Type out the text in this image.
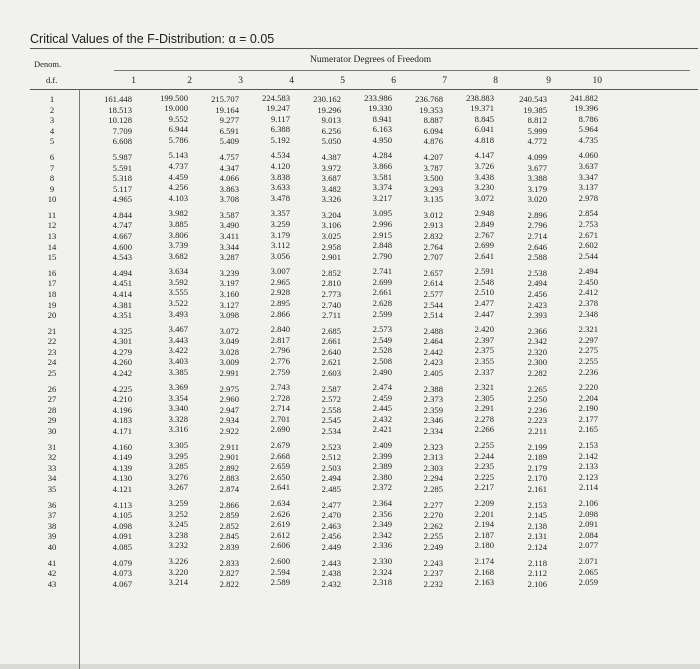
Critical Values of the F-Distribution: α = 0.05
Denom.
d.f.
Numerator Degrees of Freedom
1	2	3	4	5	6	7	8	9	10
1	161.448	199.500	215.707	224.583	230.162	233.986	236.768	238.883	240.543	241.882
2	18.513	19.000	19.164	19.247	19.296	19.330	19.353	19.371	19.385	19.396
3	10.128	9.552	9.277	9.117	9.013	8.941	8.887	8.845	8.812	8.786
4	7.709	6.944	6.591	6.388	6.256	6.163	6.094	6.041	5.999	5.964
5	6.608	5.786	5.409	5.192	5.050	4.950	4.876	4.818	4.772	4.735
6	5.987	5.143	4.757	4.534	4.387	4.284	4.207	4.147	4.099	4.060
7	5.591	4.737	4.347	4.120	3.972	3.866	3.787	3.726	3.677	3.637
8	5.318	4.459	4.066	3.838	3.687	3.581	3.500	3.438	3.388	3.347
9	5.117	4.256	3.863	3.633	3.482	3.374	3.293	3.230	3.179	3.137
10	4.965	4.103	3.708	3.478	3.326	3.217	3.135	3.072	3.020	2.978
11	4.844	3.982	3.587	3.357	3.204	3.095	3.012	2.948	2.896	2.854
12	4.747	3.885	3.490	3.259	3.106	2.996	2.913	2.849	2.796	2.753
13	4.667	3.806	3.411	3.179	3.025	2.915	2.832	2.767	2.714	2.671
14	4.600	3.739	3.344	3.112	2.958	2.848	2.764	2.699	2.646	2.602
15	4.543	3.682	3.287	3.056	2.901	2.790	2.707	2.641	2.588	2.544
16	4.494	3.634	3.239	3.007	2.852	2.741	2.657	2.591	2.538	2.494
17	4.451	3.592	3.197	2.965	2.810	2.699	2.614	2.548	2.494	2.450
18	4.414	3.555	3.160	2.928	2.773	2.661	2.577	2.510	2.456	2.412
19	4.381	3.522	3.127	2.895	2.740	2.628	2.544	2.477	2.423	2.378
20	4.351	3.493	3.098	2.866	2.711	2.599	2.514	2.447	2.393	2.348
21	4.325	3.467	3.072	2.840	2.685	2.573	2.488	2.420	2.366	2.321
22	4.301	3.443	3.049	2.817	2.661	2.549	2.464	2.397	2.342	2.297
23	4.279	3.422	3.028	2.796	2.640	2.528	2.442	2.375	2.320	2.275
24	4.260	3.403	3.009	2.776	2.621	2.508	2.423	2.355	2.300	2.255
25	4.242	3.385	2.991	2.759	2.603	2.490	2.405	2.337	2.282	2.236
26	4.225	3.369	2.975	2.743	2.587	2.474	2.388	2.321	2.265	2.220
27	4.210	3.354	2.960	2.728	2.572	2.459	2.373	2.305	2.250	2.204
28	4.196	3.340	2.947	2.714	2.558	2.445	2.359	2.291	2.236	2.190
29	4.183	3.328	2.934	2.701	2.545	2.432	2.346	2.278	2.223	2.177
30	4.171	3.316	2.922	2.690	2.534	2.421	2.334	2.266	2.211	2.165
31	4.160	3.305	2.911	2.679	2.523	2.409	2.323	2.255	2.199	2.153
32	4.149	3.295	2.901	2.668	2.512	2.399	2.313	2.244	2.189	2.142
33	4.139	3.285	2.892	2.659	2.503	2.389	2.303	2.235	2.179	2.133
34	4.130	3.276	2.883	2.650	2.494	2.380	2.294	2.225	2.170	2.123
35	4.121	3.267	2.874	2.641	2.485	2.372	2.285	2.217	2.161	2.114
36	4.113	3.259	2.866	2.634	2.477	2.364	2.277	2.209	2.153	2.106
37	4.105	3.252	2.859	2.626	2.470	2.356	2.270	2.201	2.145	2.098
38	4.098	3.245	2.852	2.619	2.463	2.349	2.262	2.194	2.138	2.091
39	4.091	3.238	2.845	2.612	2.456	2.342	2.255	2.187	2.131	2.084
40	4.085	3.232	2.839	2.606	2.449	2.336	2.249	2.180	2.124	2.077
41	4.079	3.226	2.833	2.600	2.443	2.330	2.243	2.174	2.118	2.071
42	4.073	3.220	2.827	2.594	2.438	2.324	2.237	2.168	2.112	2.065
43	4.067	3.214	2.822	2.589	2.432	2.318	2.232	2.163	2.106	2.059
